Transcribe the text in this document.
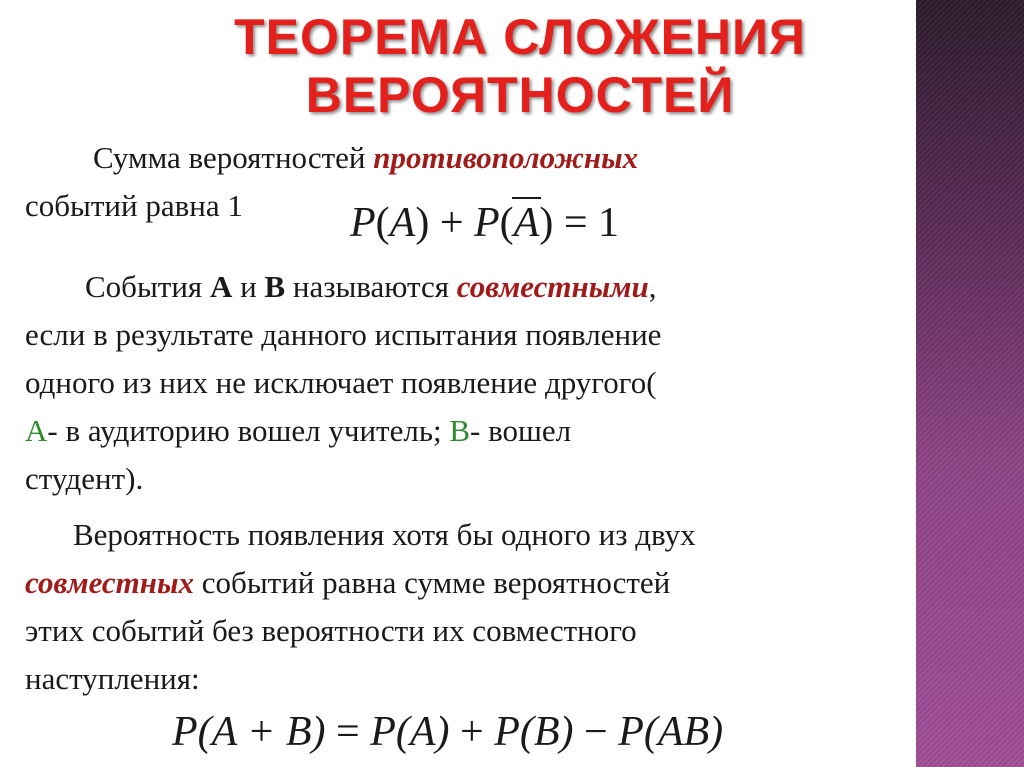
ТЕОРЕМА СЛОЖЕНИЯ
ВЕРОЯТНОСТЕЙ
Сумма вероятностей противоположных
событий равна 1	P(A) + P(A) = 1
События А и В называются совместными,
если в результате данного испытания появление
одного из них не исключает появление другого(
А- в аудиторию вошел учитель; В- вошел
студент).
Вероятность появления хотя бы одного из двух
совместных событий равна сумме вероятностей
этих событий без вероятности их совместного
наступления:
P(A + B) = P(A) + P(B) − P(AB)
